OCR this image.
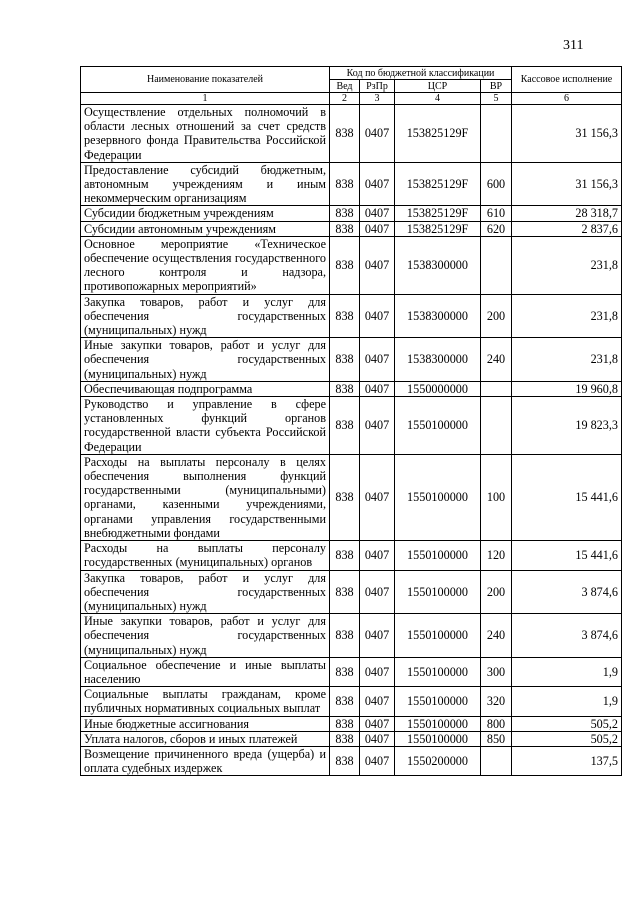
311
Наименование показателей	Код по бюджетной классификации				Кассовое исполнение
	Вед	РзПр	ЦСР	ВР	
1	2	3	4	5	6
Осуществление отдельных полномочий в области лесных отношений за счет средств резервного фонда Правительства Российской Федерации	838	0407	153825129F		31 156,3
Предоставление субсидий бюджетным, автономным учреждениям и иным некоммерческим организациям	838	0407	153825129F	600	31 156,3
Субсидии бюджетным учреждениям	838	0407	153825129F	610	28 318,7
Субсидии автономным учреждениям	838	0407	153825129F	620	2 837,6
Основное мероприятие «Техническое обеспечение осуществления государственного лесного контроля и надзора, противопожарных мероприятий»	838	0407	1538300000		231,8
Закупка товаров, работ и услуг для обеспечения государственных (муниципальных) нужд	838	0407	1538300000	200	231,8
Иные закупки товаров, работ и услуг для обеспечения государственных (муниципальных) нужд	838	0407	1538300000	240	231,8
Обеспечивающая подпрограмма	838	0407	1550000000		19 960,8
Руководство и управление в сфере установленных функций органов государственной власти субъекта Российской Федерации	838	0407	1550100000		19 823,3
Расходы на выплаты персоналу в целях обеспечения выполнения функций государственными (муниципальными) органами, казенными учреждениями, органами управления государственными внебюджетными фондами	838	0407	1550100000	100	15 441,6
Расходы на выплаты персоналу государственных (муниципальных) органов	838	0407	1550100000	120	15 441,6
Закупка товаров, работ и услуг для обеспечения государственных (муниципальных) нужд	838	0407	1550100000	200	3 874,6
Иные закупки товаров, работ и услуг для обеспечения государственных (муниципальных) нужд	838	0407	1550100000	240	3 874,6
Социальное обеспечение и иные выплаты населению	838	0407	1550100000	300	1,9
Социальные выплаты гражданам, кроме публичных нормативных социальных выплат	838	0407	1550100000	320	1,9
Иные бюджетные ассигнования	838	0407	1550100000	800	505,2
Уплата налогов, сборов и иных платежей	838	0407	1550100000	850	505,2
Возмещение причиненного вреда (ущерба) и оплата судебных издержек	838	0407	1550200000		137,5
